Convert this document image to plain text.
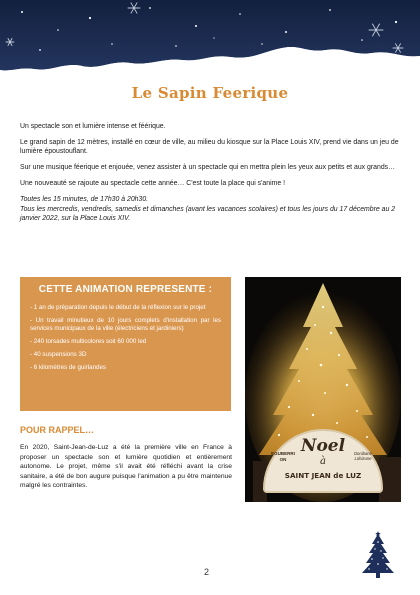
Le Sapin Feerique

Un spectacle son et lumière intense et féérique.

Le grand sapin de 12 mètres, installé en cœur de ville, au milieu du kiosque sur la Place Louis XIV, prend vie dans un jeu de lumière époustouflant.

Sur une musique féerique et enjouée, venez assister à un spectacle qui en mettra plein les yeux aux petits et aux grands…

Une nouveauté se rajoute au spectacle cette année… C'est toute la place qui s'anime !

Toutes les 15 minutes, de 17h30 à 20h30.
Tous les mercredis, vendredis, samedis et dimanches (avant les vacances scolaires) et tous les jours du 17 décembre au 2 janvier 2022, sur la Place Louis XIV.

CETTE ANIMATION REPRESENTE :
- 1 an de préparation depuis le début de la réflexion sur le projet
- Un travail minutieux de 10 jours complets d'installation par les services municipaux de la ville (électriciens et jardiniers)
- 240 torsades multicolores soit 60 000 led
- 40 suspensions 3D
- 6 kilomètres de guirlandes
Noel
à
SAINT JEAN de LUZ
EGUBERRI ON
Donibane Lohizune
POUR RAPPEL…

En 2020, Saint-Jean-de-Luz a été la première ville en France à proposer un spectacle son et lumière quotidien et entièrement autonome. Le projet, même s'il avait été réfléchi avant la crise sanitaire, a été de bon augure puisque l'animation a pu être maintenue malgré les contraintes.

2
